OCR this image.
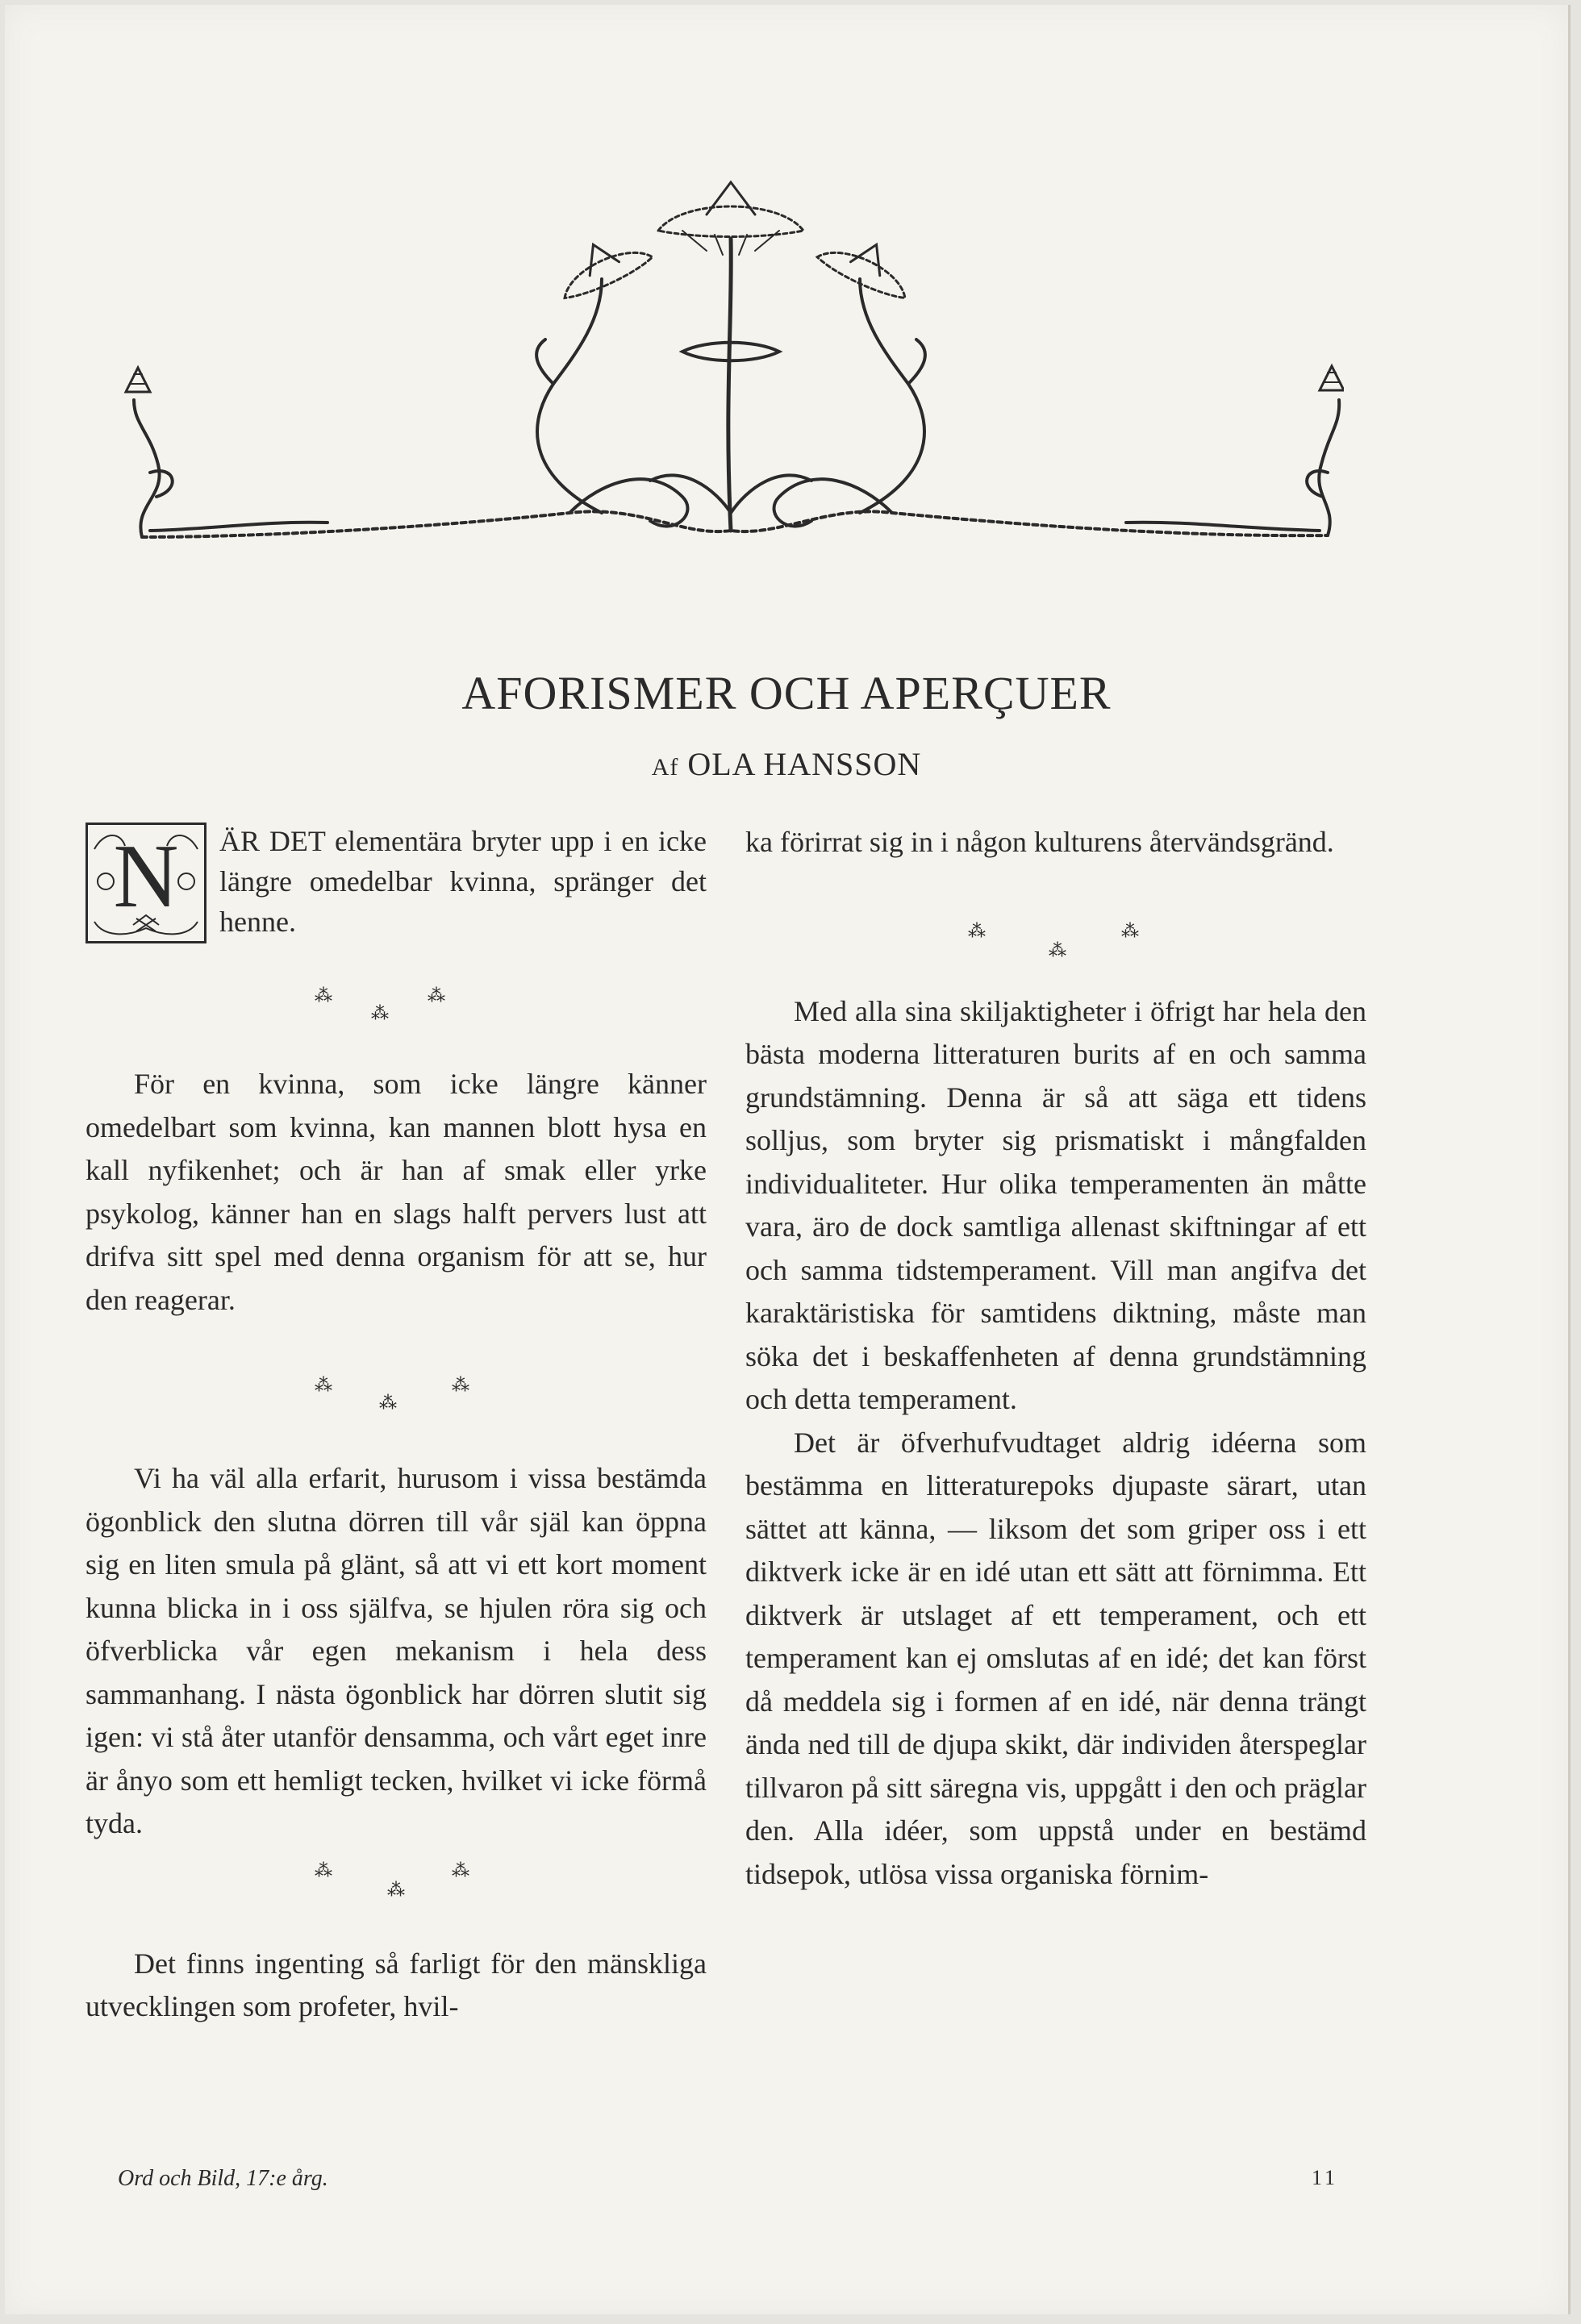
AFORISMER OCH APERÇUER

Af OLA HANSSON

N	ÄR DET elementära bryter upp i en icke längre omedelbar kvinna, spränger det henne.

⁂	⁂
⁂

För en kvinna, som icke längre känner omedelbart som kvinna, kan mannen blott hysa en kall nyfikenhet; och är han af smak eller yrke psykolog, känner han en slags halft pervers lust att drifva sitt spel med denna organism för att se, hur den reagerar.

⁂	⁂
⁂

Vi ha väl alla erfarit, hurusom i vissa bestämda ögonblick den slutna dörren till vår själ kan öppna sig en liten smula på glänt, så att vi ett kort moment kunna blicka in i oss själfva, se hjulen röra sig och öfverblicka vår egen mekanism i hela dess sammanhang. I nästa ögonblick har dörren slutit sig igen: vi stå åter utanför densamma, och vårt eget inre är ånyo som ett hemligt tecken, hvilket vi icke förmå tyda.

⁂	⁂
⁂

Det finns ingenting så farligt för den mänskliga utvecklingen som profeter, hvil-

ka förirrat sig in i någon kulturens återvändsgränd.

⁂	⁂
⁂

Med alla sina skiljaktigheter i öfrigt har hela den bästa moderna litteraturen burits af en och samma grundstämning. Denna är så att säga ett tidens solljus, som bryter sig prismatiskt i mångfalden individualiteter. Hur olika temperamenten än måtte vara, äro de dock samtliga allenast skiftningar af ett och samma tidstemperament. Vill man angifva det karaktäristiska för samtidens diktning, måste man söka det i beskaffenheten af denna grundstämning och detta temperament.

Det är öfverhufvudtaget aldrig idéerna som bestämma en litteraturepoks djupaste särart, utan sättet att känna, — liksom det som griper oss i ett diktverk icke är en idé utan ett sätt att förnimma. Ett diktverk är utslaget af ett temperament, och ett temperament kan ej omslutas af en idé; det kan först då meddela sig i formen af en idé, när denna trängt ända ned till de djupa skikt, där individen återspeglar tillvaron på sitt säregna vis, uppgått i den och präglar den. Alla idéer, som uppstå under en bestämd tidsepok, utlösa vissa organiska förnim-

Ord och Bild, 17:e årg.	11
